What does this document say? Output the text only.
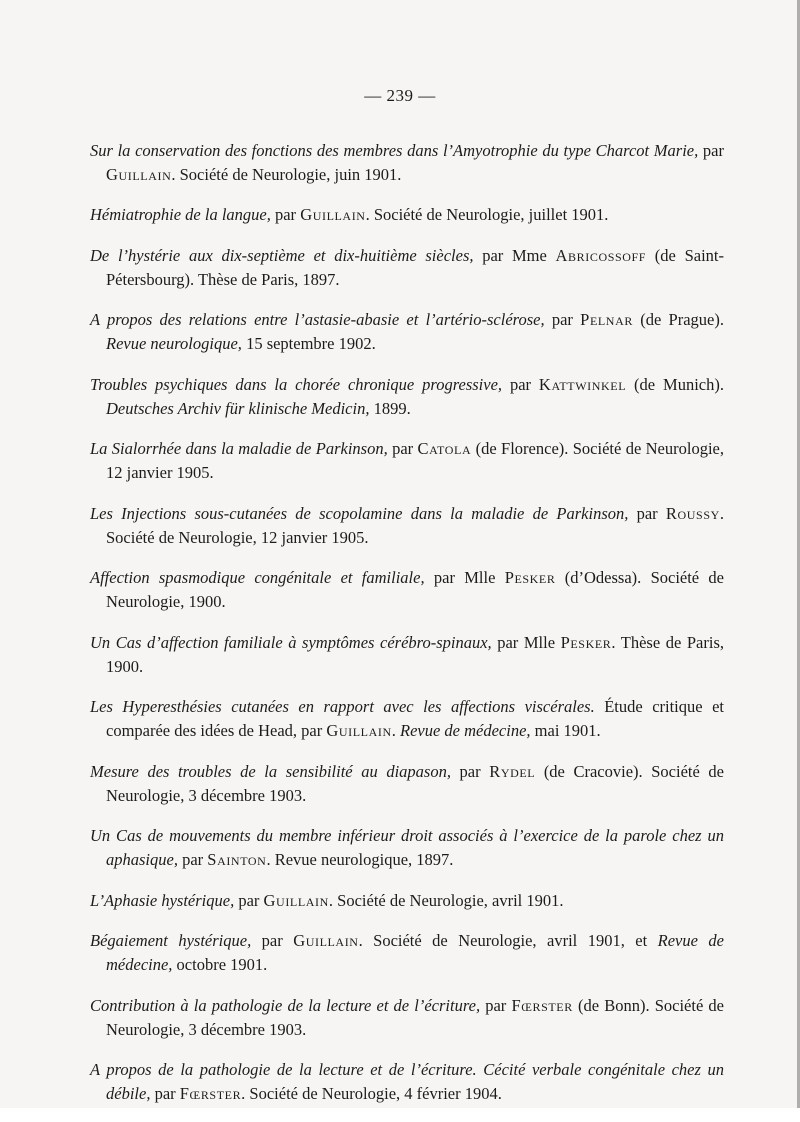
— 239 —

Sur la conservation des fonctions des membres dans l’Amyotrophie du type Charcot Marie, par Guillain. Société de Neurologie, juin 1901.

Hémiatrophie de la langue, par Guillain. Société de Neurologie, juillet 1901.

De l’hystérie aux dix-septième et dix-huitième siècles, par Mme Abricossoff (de Saint-Pétersbourg). Thèse de Paris, 1897.

A propos des relations entre l’astasie-abasie et l’artério-sclérose, par Pelnar (de Prague). Revue neurologique, 15 septembre 1902.

Troubles psychiques dans la chorée chronique progressive, par Kattwinkel (de Munich). Deutsches Archiv für klinische Medicin, 1899.

La Sialorrhée dans la maladie de Parkinson, par Catola (de Florence). Société de Neurologie, 12 janvier 1905.

Les Injections sous-cutanées de scopolamine dans la maladie de Parkinson, par Roussy. Société de Neurologie, 12 janvier 1905.

Affection spasmodique congénitale et familiale, par Mlle Pesker (d’Odessa). Société de Neurologie, 1900.

Un Cas d’affection familiale à symptômes cérébro-spinaux, par Mlle Pesker. Thèse de Paris, 1900.

Les Hyperesthésies cutanées en rapport avec les affections viscérales. Étude critique et comparée des idées de Head, par Guillain. Revue de médecine, mai 1901.

Mesure des troubles de la sensibilité au diapason, par Rydel (de Cracovie). Société de Neurologie, 3 décembre 1903.

Un Cas de mouvements du membre inférieur droit associés à l’exercice de la parole chez un aphasique, par Sainton. Revue neurologique, 1897.

L’Aphasie hystérique, par Guillain. Société de Neurologie, avril 1901.

Bégaiement hystérique, par Guillain. Société de Neurologie, avril 1901, et Revue de médecine, octobre 1901.

Contribution à la pathologie de la lecture et de l’écriture, par Fœrster (de Bonn). Société de Neurologie, 3 décembre 1903.

A propos de la pathologie de la lecture et de l’écriture. Cécité verbale congénitale chez un débile, par Fœrster. Société de Neurologie, 4 février 1904.
